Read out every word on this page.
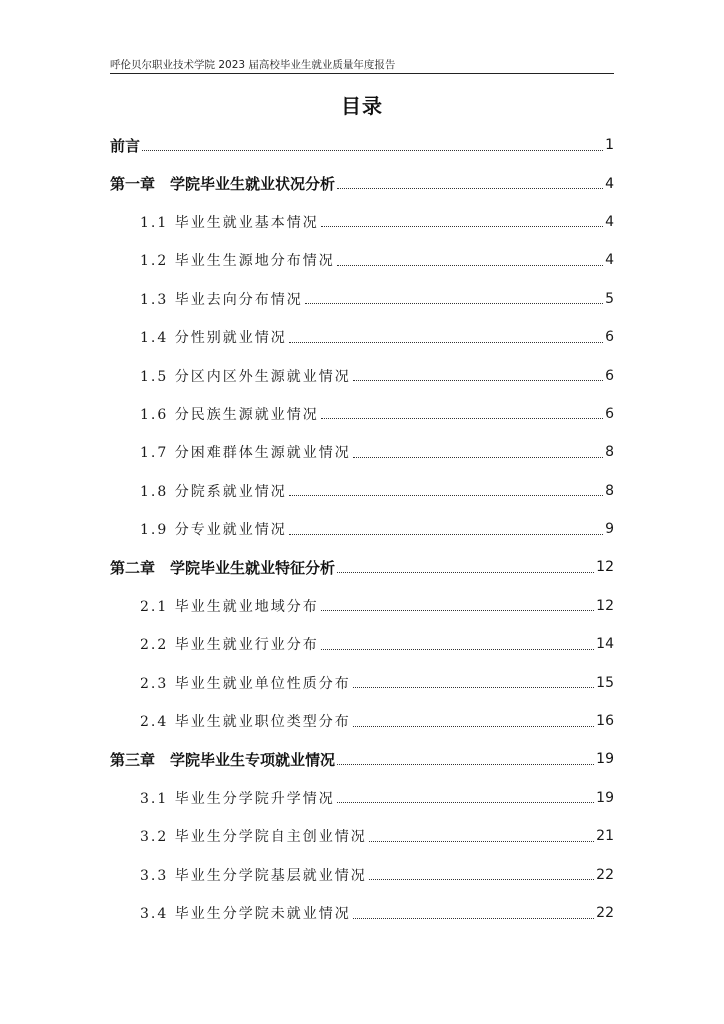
呼伦贝尔职业技术学院 2023 届高校毕业生就业质量年度报告
目录
前言	1
第一章　学院毕业生就业状况分析	4
1.1 毕业生就业基本情况	4
1.2 毕业生生源地分布情况	4
1.3 毕业去向分布情况	5
1.4 分性别就业情况	6
1.5 分区内区外生源就业情况	6
1.6 分民族生源就业情况	6
1.7 分困难群体生源就业情况	8
1.8 分院系就业情况	8
1.9 分专业就业情况	9
第二章　学院毕业生就业特征分析	12
2.1 毕业生就业地域分布	12
2.2 毕业生就业行业分布	14
2.3 毕业生就业单位性质分布	15
2.4 毕业生就业职位类型分布	16
第三章　学院毕业生专项就业情况	19
3.1 毕业生分学院升学情况	19
3.2 毕业生分学院自主创业情况	21
3.3 毕业生分学院基层就业情况	22
3.4 毕业生分学院未就业情况	22
